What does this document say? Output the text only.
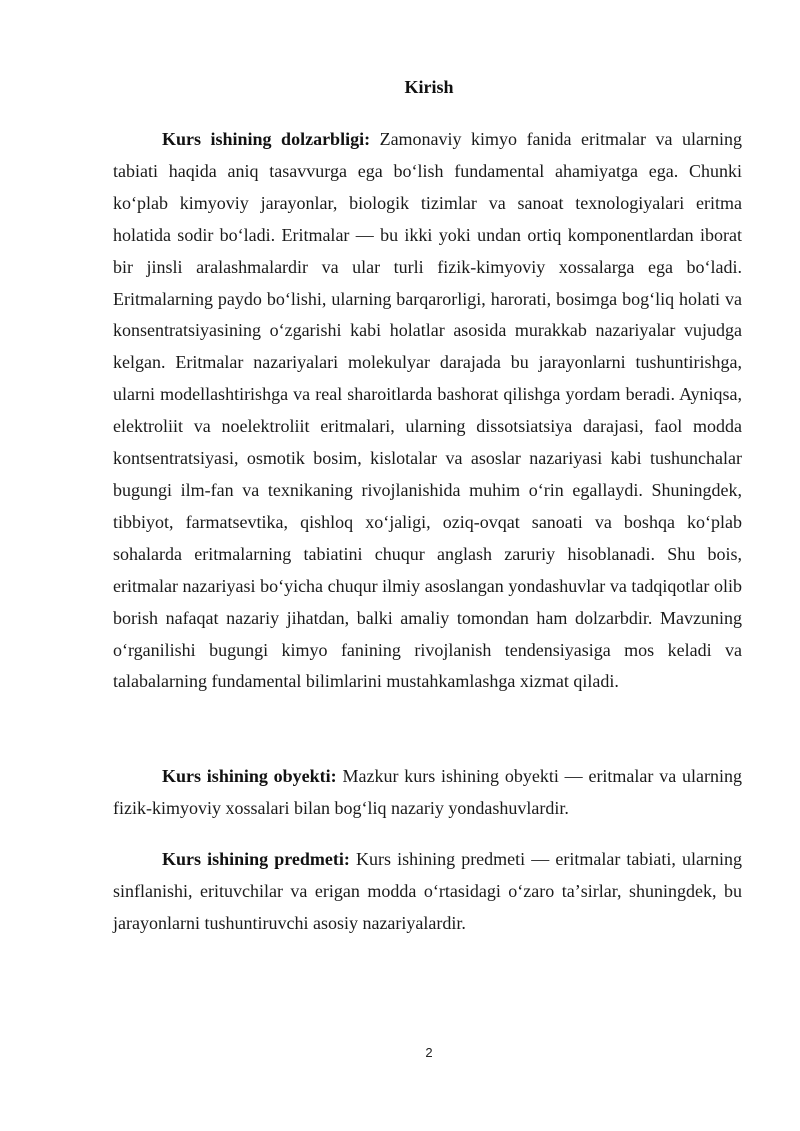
Kirish

Kurs ishining dolzarbligi: Zamonaviy kimyo fanida eritmalar va ularning tabiati haqida aniq tasavvurga ega boʻlish fundamental ahamiyatga ega. Chunki koʻplab kimyoviy jarayonlar, biologik tizimlar va sanoat texnologiyalari eritma holatida sodir boʻladi. Eritmalar — bu ikki yoki undan ortiq komponentlardan iborat bir jinsli aralashmalardir va ular turli fizik-kimyoviy xossalarga ega boʻladi. Eritmalarning paydo boʻlishi, ularning barqarorligi, harorati, bosimga bogʻliq holati va konsentratsiyasining oʻzgarishi kabi holatlar asosida murakkab nazariyalar vujudga kelgan. Eritmalar nazariyalari molekulyar darajada bu jarayonlarni tushuntirishga, ularni modellashtirishga va real sharoitlarda bashorat qilishga yordam beradi. Ayniqsa, elektroliit va noelektroliit eritmalari, ularning dissotsiatsiya darajasi, faol modda kontsentratsiyasi, osmotik bosim, kislotalar va asoslar nazariyasi kabi tushunchalar bugungi ilm-fan va texnikaning rivojlanishida muhim oʻrin egallaydi. Shuningdek, tibbiyot, farmatsevtika, qishloq xoʻjaligi, oziq-ovqat sanoati va boshqa koʻplab sohalarda eritmalarning tabiatini chuqur anglash zaruriy hisoblanadi. Shu bois, eritmalar nazariyasi boʻyicha chuqur ilmiy asoslangan yondashuvlar va tadqiqotlar olib borish nafaqat nazariy jihatdan, balki amaliy tomondan ham dolzarbdir. Mavzuning oʻrganilishi bugungi kimyo fanining rivojlanish tendensiyasiga mos keladi va talabalarning fundamental bilimlarini mustahkamlashga xizmat qiladi.

Kurs ishining obyekti: Mazkur kurs ishining obyekti — eritmalar va ularning fizik-kimyoviy xossalari bilan bogʻliq nazariy yondashuvlardir.

Kurs ishining predmeti: Kurs ishining predmeti — eritmalar tabiati, ularning sinflanishi, erituvchilar va erigan modda oʻrtasidagi oʻzaro taʼsirlar, shuningdek, bu jarayonlarni tushuntiruvchi asosiy nazariyalardir.

2
